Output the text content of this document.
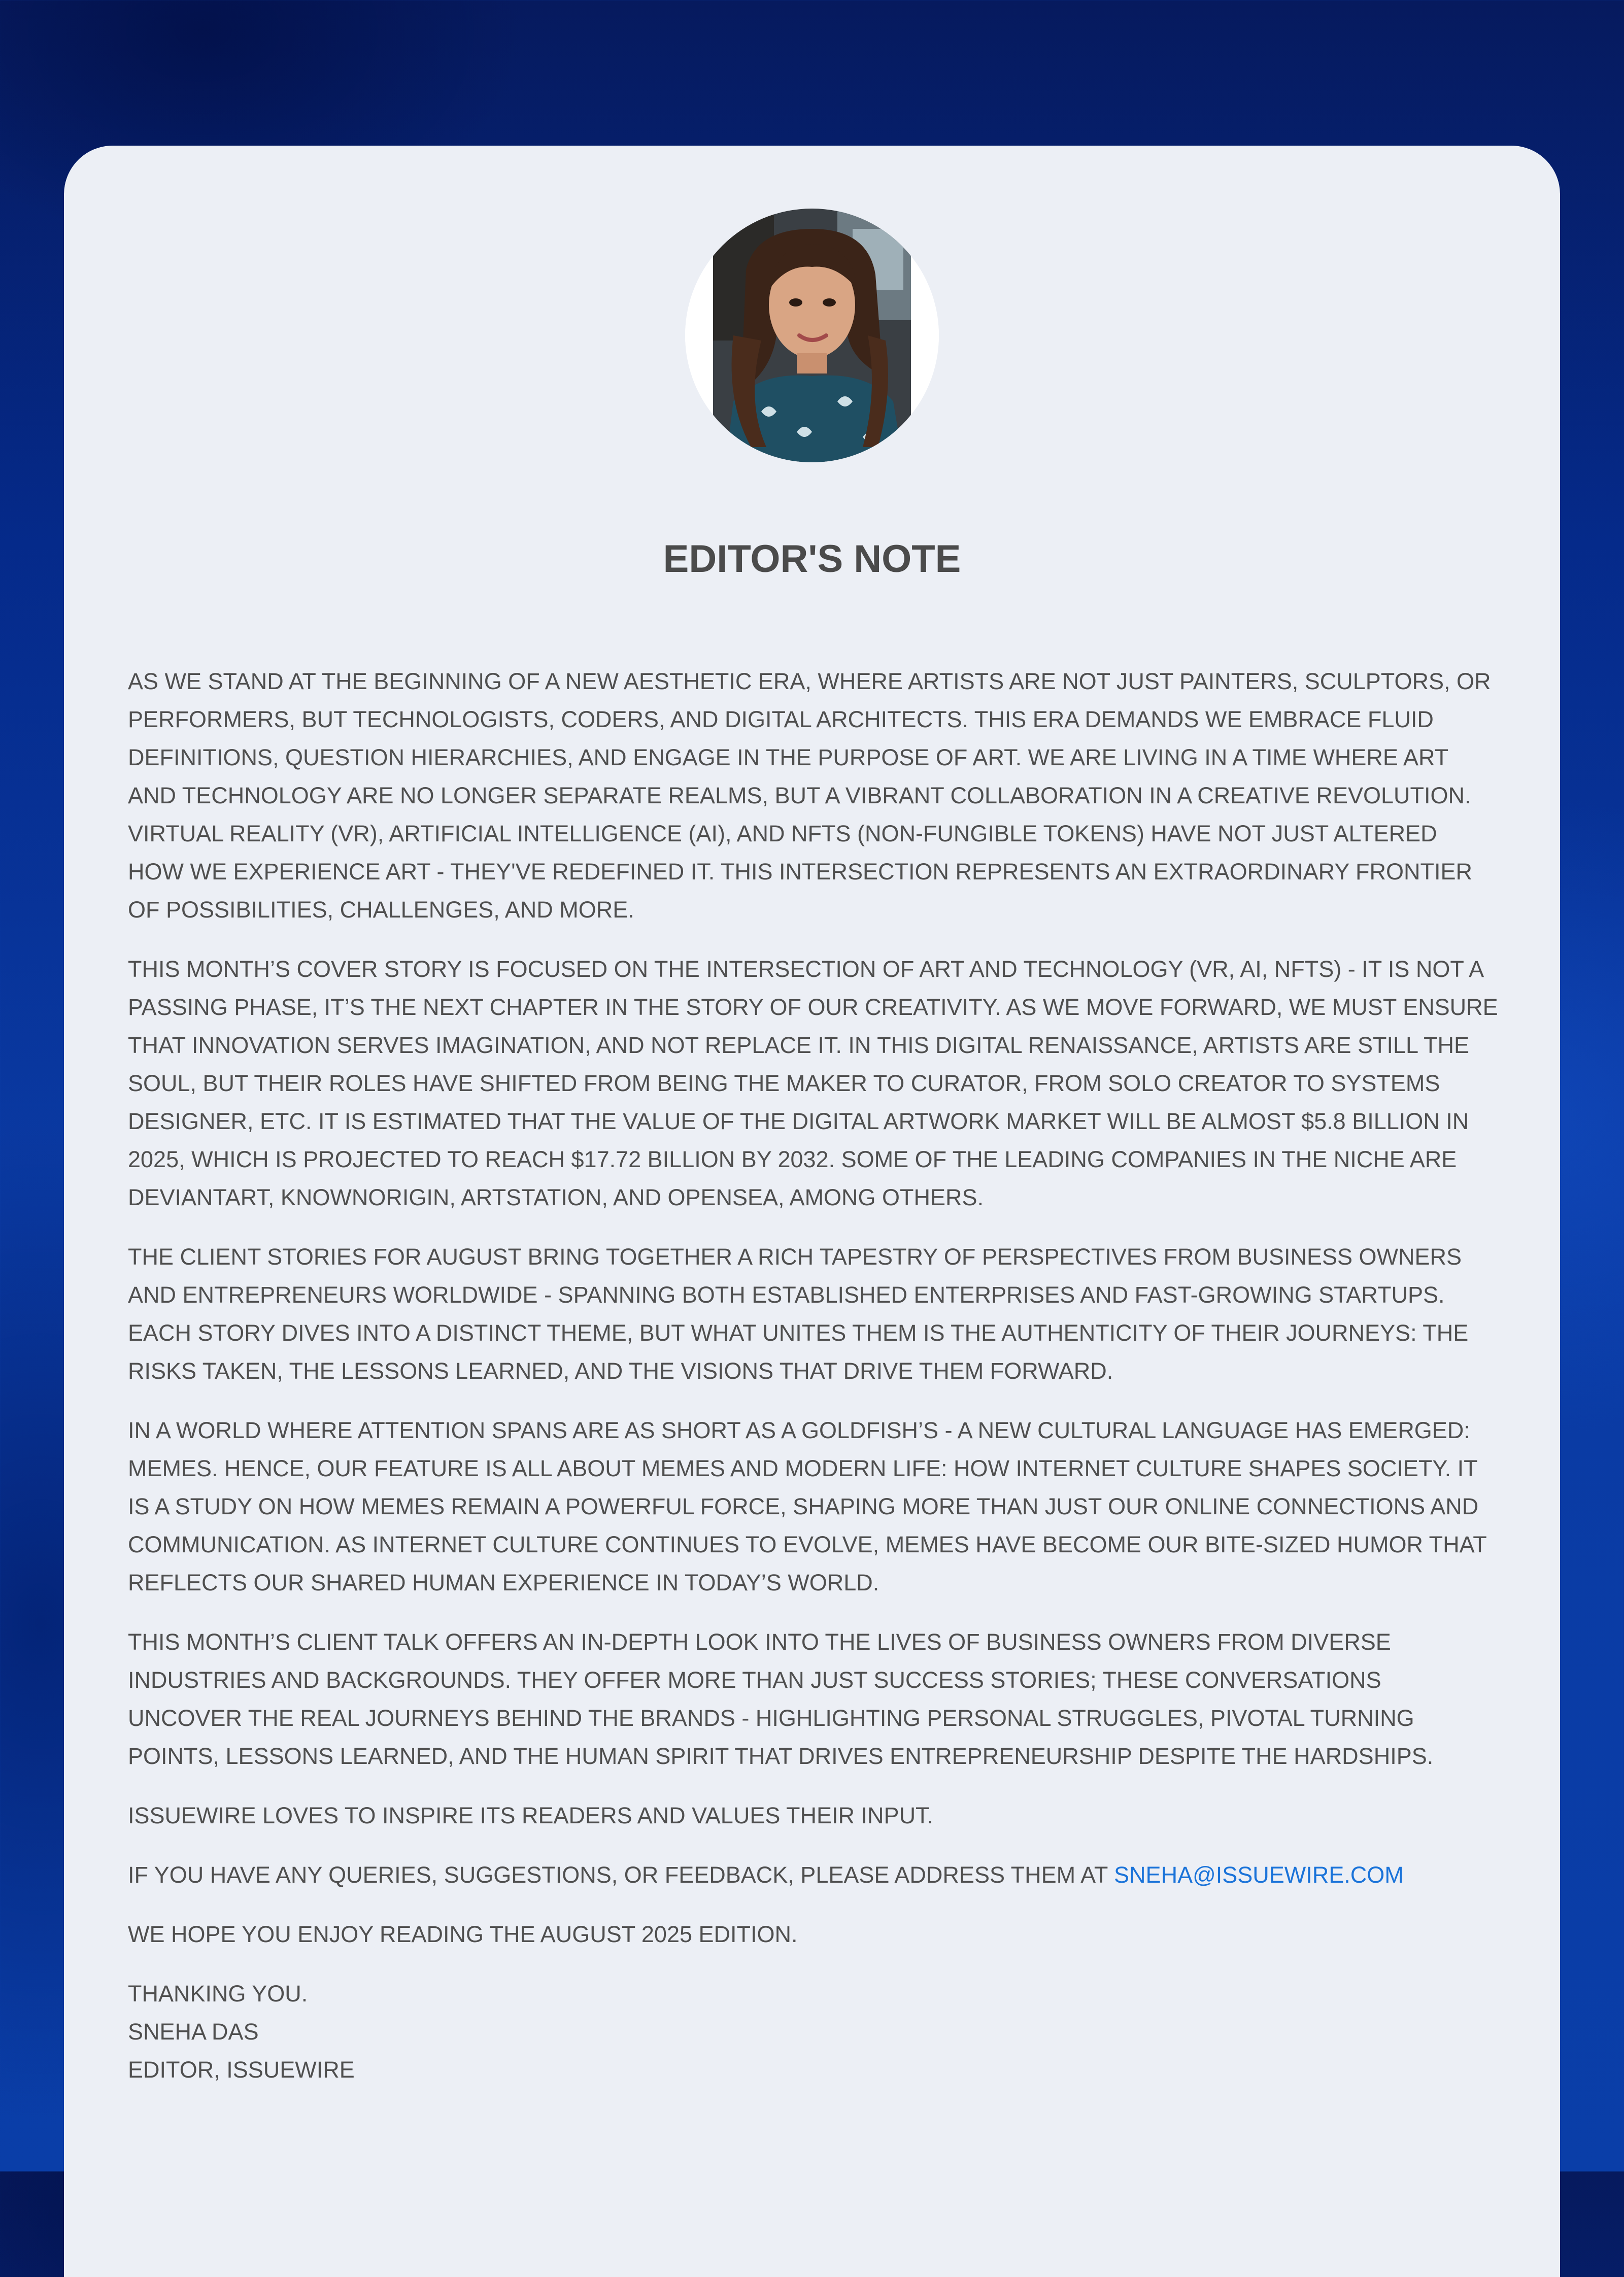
EDITOR'S NOTE

AS WE STAND AT THE BEGINNING OF A NEW AESTHETIC ERA, WHERE ARTISTS ARE NOT JUST PAINTERS, SCULPTORS, OR PERFORMERS, BUT TECHNOLOGISTS, CODERS, AND DIGITAL ARCHITECTS. THIS ERA DEMANDS WE EMBRACE FLUID DEFINITIONS, QUESTION HIERARCHIES, AND ENGAGE IN THE PURPOSE OF ART. WE ARE LIVING IN A TIME WHERE ART AND TECHNOLOGY ARE NO LONGER SEPARATE REALMS, BUT A VIBRANT COLLABORATION IN A CREATIVE REVOLUTION. VIRTUAL REALITY (VR), ARTIFICIAL INTELLIGENCE (AI), AND NFTS (NON-FUNGIBLE TOKENS) HAVE NOT JUST ALTERED HOW WE EXPERIENCE ART - THEY'VE REDEFINED IT. THIS INTERSECTION REPRESENTS AN EXTRAORDINARY FRONTIER OF POSSIBILITIES, CHALLENGES, AND MORE.

THIS MONTH’S COVER STORY IS FOCUSED ON THE INTERSECTION OF ART AND TECHNOLOGY (VR, AI, NFTS) - IT IS NOT A PASSING PHASE, IT’S THE NEXT CHAPTER IN THE STORY OF OUR CREATIVITY. AS WE MOVE FORWARD, WE MUST ENSURE THAT INNOVATION SERVES IMAGINATION, AND NOT REPLACE IT. IN THIS DIGITAL RENAISSANCE, ARTISTS ARE STILL THE SOUL, BUT THEIR ROLES HAVE SHIFTED FROM BEING THE MAKER TO CURATOR, FROM SOLO CREATOR TO SYSTEMS DESIGNER, ETC. IT IS ESTIMATED THAT THE VALUE OF THE DIGITAL ARTWORK MARKET WILL BE ALMOST $5.8 BILLION IN 2025, WHICH IS PROJECTED TO REACH $17.72 BILLION BY 2032. SOME OF THE LEADING COMPANIES IN THE NICHE ARE DEVIANTART, KNOWNORIGIN, ARTSTATION, AND OPENSEA, AMONG OTHERS.

THE CLIENT STORIES FOR AUGUST BRING TOGETHER A RICH TAPESTRY OF PERSPECTIVES FROM BUSINESS OWNERS AND ENTREPRENEURS WORLDWIDE - SPANNING BOTH ESTABLISHED ENTERPRISES AND FAST-GROWING STARTUPS. EACH STORY DIVES INTO A DISTINCT THEME, BUT WHAT UNITES THEM IS THE AUTHENTICITY OF THEIR JOURNEYS: THE RISKS TAKEN, THE LESSONS LEARNED, AND THE VISIONS THAT DRIVE THEM FORWARD.

IN A WORLD WHERE ATTENTION SPANS ARE AS SHORT AS A GOLDFISH’S - A NEW CULTURAL LANGUAGE HAS EMERGED: MEMES. HENCE, OUR FEATURE IS ALL ABOUT MEMES AND MODERN LIFE: HOW INTERNET CULTURE SHAPES SOCIETY. IT IS A STUDY ON HOW MEMES REMAIN A POWERFUL FORCE, SHAPING MORE THAN JUST OUR ONLINE CONNECTIONS AND COMMUNICATION. AS INTERNET CULTURE CONTINUES TO EVOLVE, MEMES HAVE BECOME OUR BITE-SIZED HUMOR THAT REFLECTS OUR SHARED HUMAN EXPERIENCE IN TODAY’S WORLD.

THIS MONTH’S CLIENT TALK OFFERS AN IN-DEPTH LOOK INTO THE LIVES OF BUSINESS OWNERS FROM DIVERSE INDUSTRIES AND BACKGROUNDS. THEY OFFER MORE THAN JUST SUCCESS STORIES; THESE CONVERSATIONS UNCOVER THE REAL JOURNEYS BEHIND THE BRANDS - HIGHLIGHTING PERSONAL STRUGGLES, PIVOTAL TURNING POINTS, LESSONS LEARNED, AND THE HUMAN SPIRIT THAT DRIVES ENTREPRENEURSHIP DESPITE THE HARDSHIPS.

ISSUEWIRE LOVES TO INSPIRE ITS READERS AND VALUES THEIR INPUT.

IF YOU HAVE ANY QUERIES, SUGGESTIONS, OR FEEDBACK, PLEASE ADDRESS THEM AT SNEHA@ISSUEWIRE.COM

WE HOPE YOU ENJOY READING THE AUGUST 2025 EDITION.

THANKING YOU.

SNEHA DAS

EDITOR, ISSUEWIRE
